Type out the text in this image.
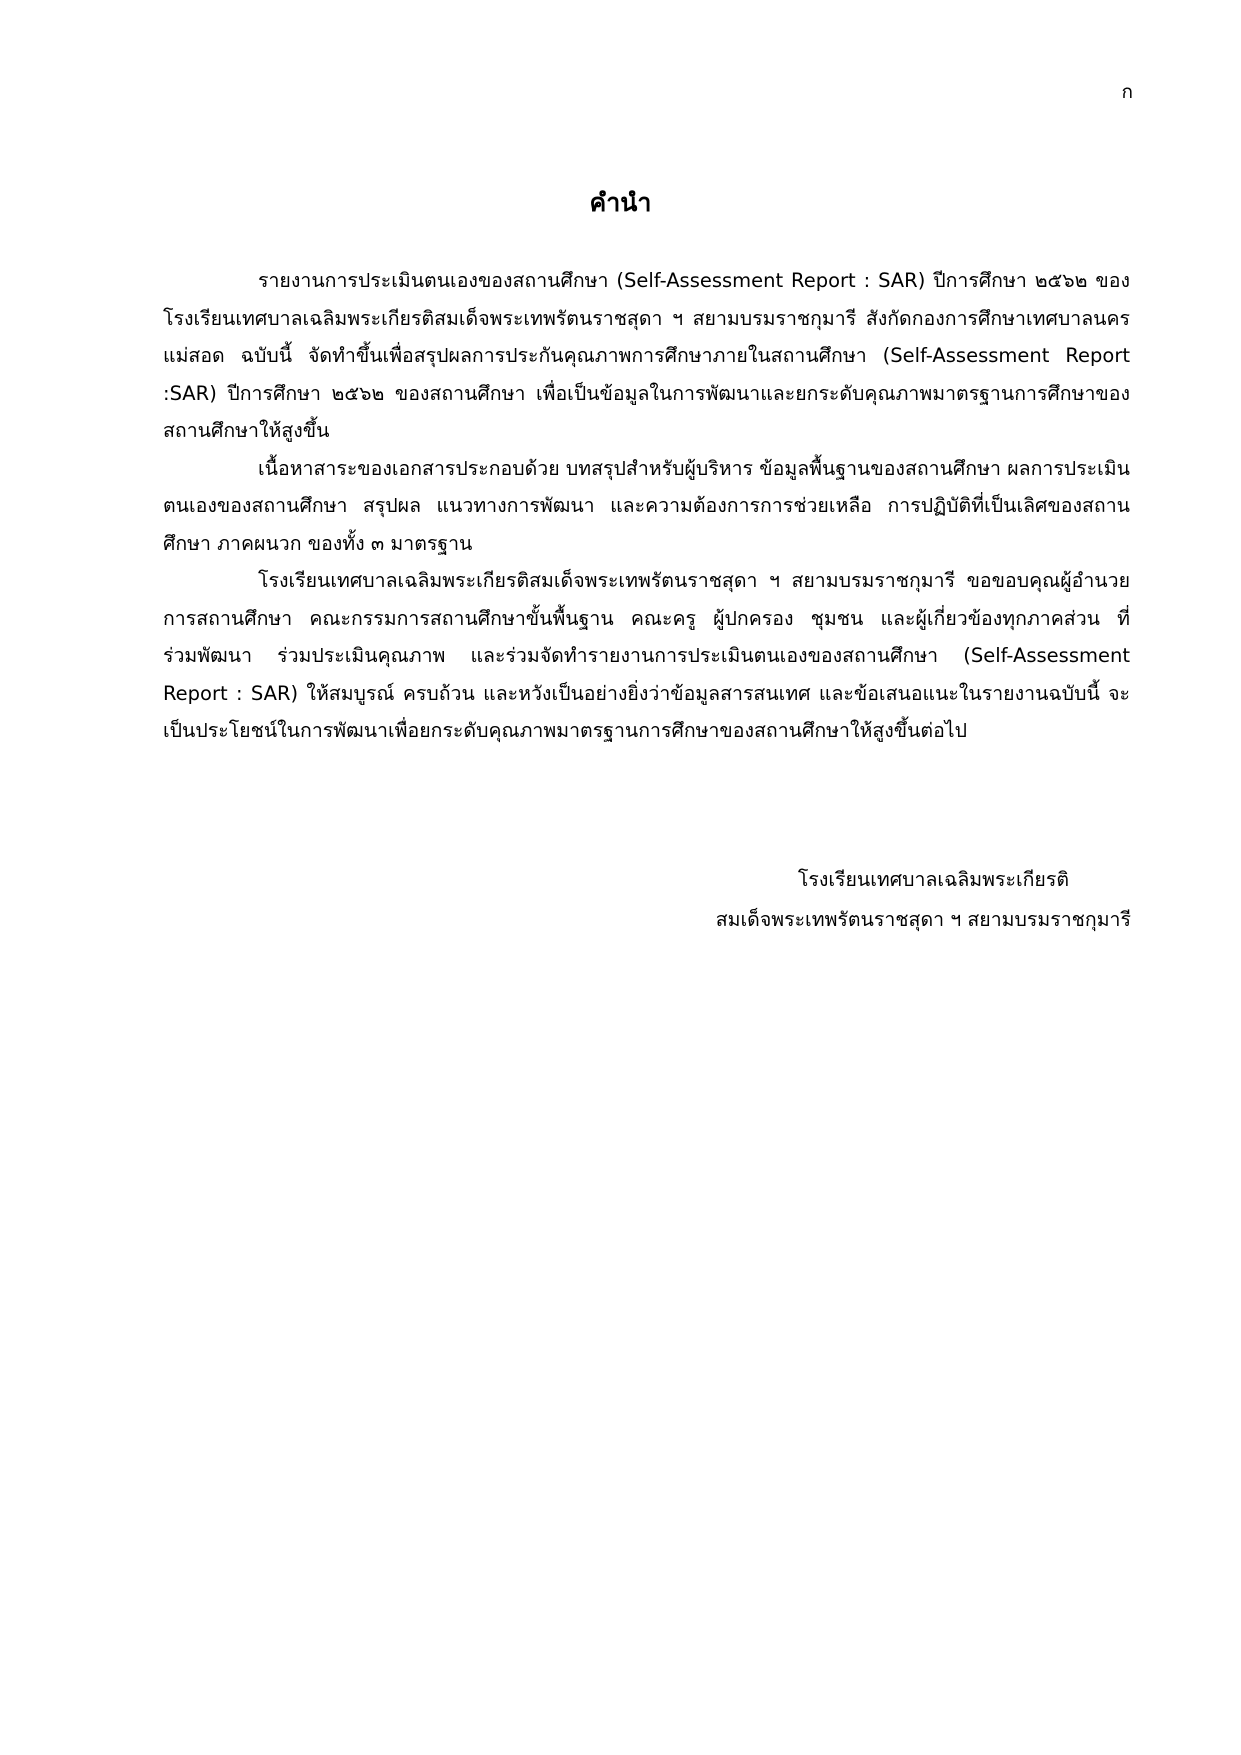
ก
คำนำ

รายงานการประเมินตนเองของสถานศึกษา (Self-Assessment Report : SAR) ปีการศึกษา ๒๕๖๒ ของโรงเรียนเทศบาลเฉลิมพระเกียรติสมเด็จพระเทพรัตนราชสุดา ฯ สยามบรมราชกุมารี สังกัดกองการศึกษาเทศบาลนครแม่สอด ฉบับนี้ จัดทำขึ้นเพื่อสรุปผลการประกันคุณภาพการศึกษาภายในสถานศึกษา (Self-Assessment Report :SAR) ปีการศึกษา ๒๕๖๒ ของสถานศึกษา เพื่อเป็นข้อมูลในการพัฒนาและยกระดับคุณภาพมาตรฐานการศึกษาของสถานศึกษาให้สูงขึ้น

เนื้อหาสาระของเอกสารประกอบด้วย บทสรุปสำหรับผู้บริหาร ข้อมูลพื้นฐานของสถานศึกษา ผลการประเมินตนเองของสถานศึกษา สรุปผล แนวทางการพัฒนา และความต้องการการช่วยเหลือ การปฏิบัติที่เป็นเลิศของสถานศึกษา ภาคผนวก ของทั้ง ๓ มาตรฐาน

โรงเรียนเทศบาลเฉลิมพระเกียรติสมเด็จพระเทพรัตนราชสุดา ฯ สยามบรมราชกุมารี ขอขอบคุณผู้อำนวยการสถานศึกษา คณะกรรมการสถานศึกษาขั้นพื้นฐาน คณะครู ผู้ปกครอง ชุมชน และผู้เกี่ยวข้องทุกภาคส่วน ที่ร่วมพัฒนา ร่วมประเมินคุณภาพ และร่วมจัดทำรายงานการประเมินตนเองของสถานศึกษา (Self-Assessment Report : SAR) ให้สมบูรณ์ ครบถ้วน และหวังเป็นอย่างยิ่งว่าข้อมูลสารสนเทศ และข้อเสนอแนะในรายงานฉบับนี้ จะเป็นประโยชน์ในการพัฒนาเพื่อยกระดับคุณภาพมาตรฐานการศึกษาของสถานศึกษาให้สูงขึ้นต่อไป

โรงเรียนเทศบาลเฉลิมพระเกียรติ
สมเด็จพระเทพรัตนราชสุดา ฯ สยามบรมราชกุมารี
